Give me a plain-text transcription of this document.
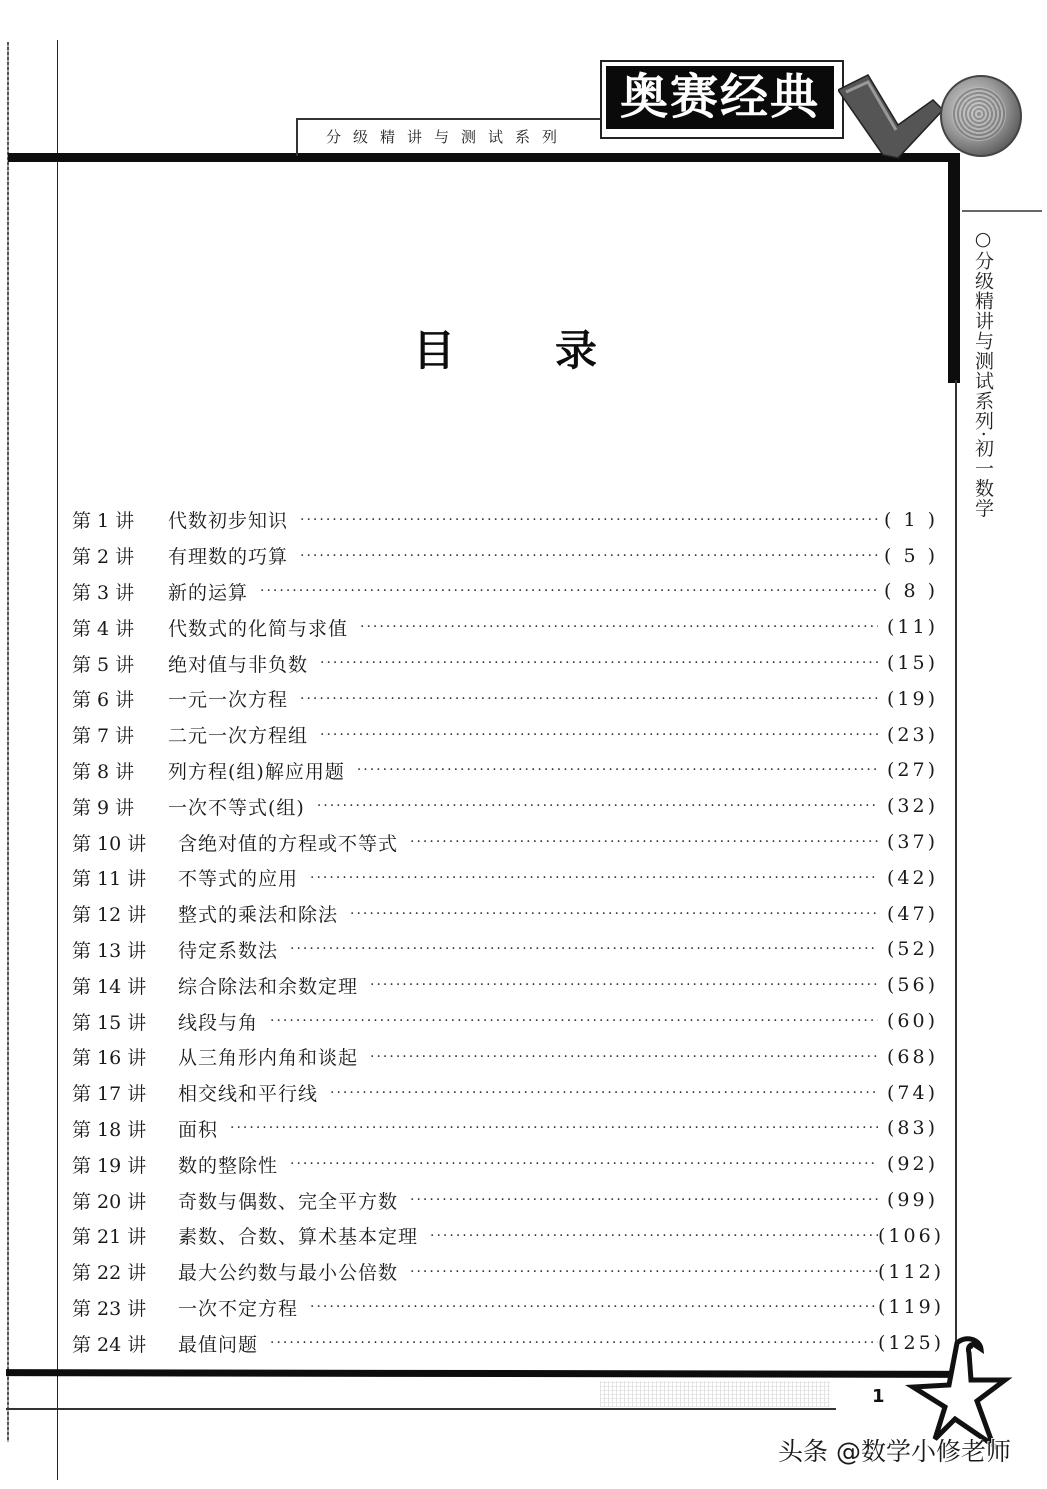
分级精讲与测试系列
奥赛经典
○分级精讲与测试系列·初一数学
目 录
第 1 讲	代数初步知识 ·····	( 1 )
第 2 讲	有理数的巧算 ·····	( 5 )
第 3 讲	新的运算 ·····	( 8 )
第 4 讲	代数式的化简与求值 ·····	(11)
第 5 讲	绝对值与非负数 ·····	(15)
第 6 讲	一元一次方程 ·····	(19)
第 7 讲	二元一次方程组 ·····	(23)
第 8 讲	列方程(组)解应用题 ·····	(27)
第 9 讲	一次不等式(组) ·····	(32)
第 10 讲	含绝对值的方程或不等式 ·····	(37)
第 11 讲	不等式的应用 ·····	(42)
第 12 讲	整式的乘法和除法 ·····	(47)
第 13 讲	待定系数法 ·····	(52)
第 14 讲	综合除法和余数定理 ·····	(56)
第 15 讲	线段与角 ·····	(60)
第 16 讲	从三角形内角和谈起 ·····	(68)
第 17 讲	相交线和平行线 ·····	(74)
第 18 讲	面积 ·····	(83)
第 19 讲	数的整除性 ·····	(92)
第 20 讲	奇数与偶数、完全平方数 ·····	(99)
第 21 讲	素数、合数、算术基本定理 ·····	(106)
第 22 讲	最大公约数与最小公倍数 ·····	(112)
第 23 讲	一次不定方程 ·····	(119)
第 24 讲	最值问题 ·····	(125)
1
头条 @数学小修老师
